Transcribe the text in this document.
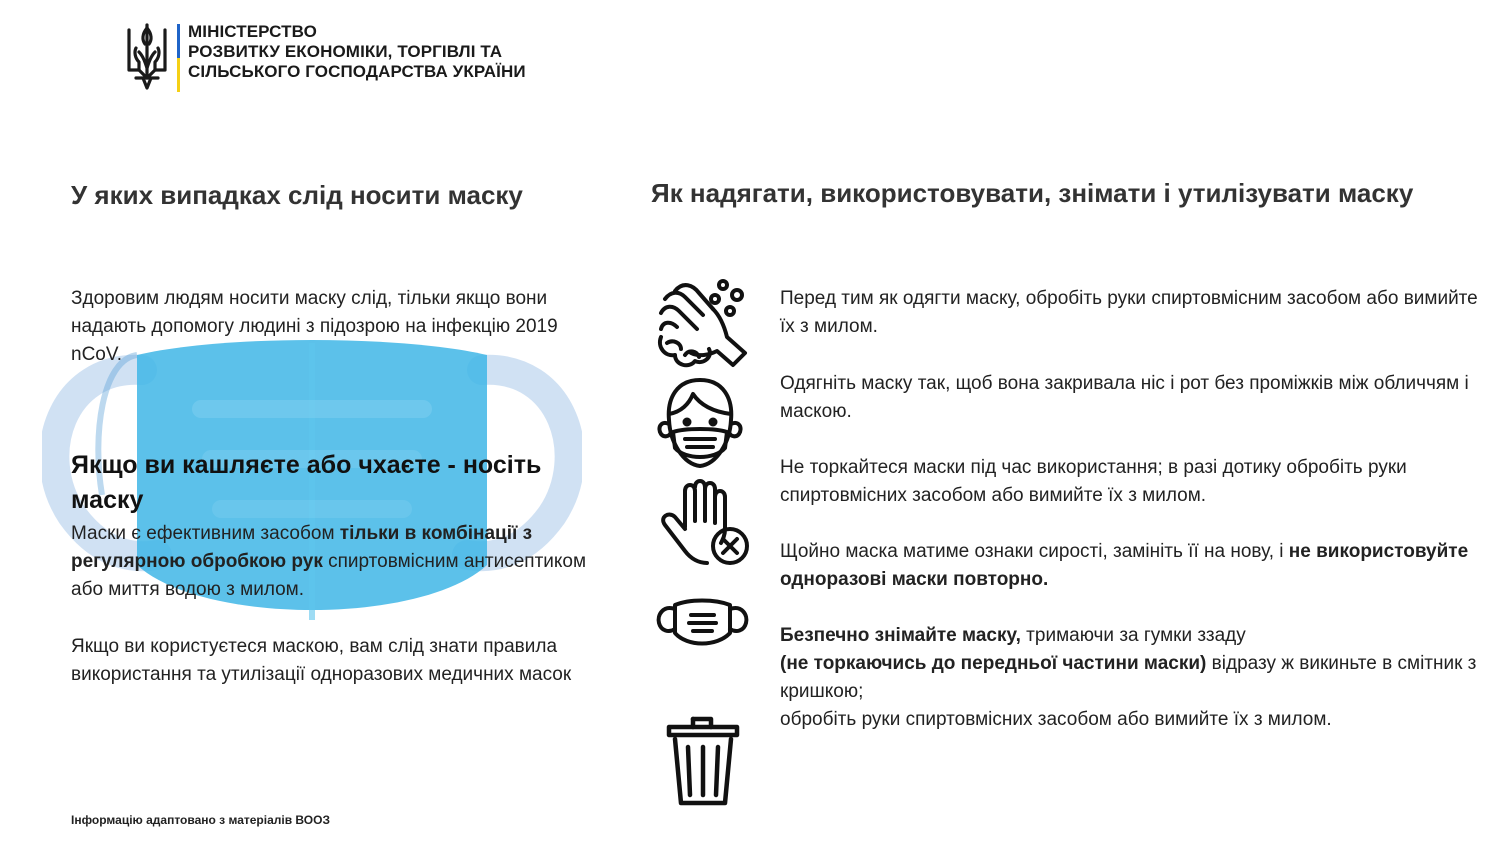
МІНІСТЕРСТВО
РОЗВИТКУ ЕКОНОМІКИ, ТОРГІВЛІ ТА
СІЛЬСЬКОГО ГОСПОДАРСТВА УКРАЇНИ
У яких випадках слід носити маску
Здоровим людям носити маску слід, тільки якщо вони надають допомогу людині з підозрою на інфекцію 2019 nCoV.
Якщо ви кашляєте або чхаєте - носіть маску
Маски є ефективним засобом тільки в комбінації з регулярною обробкою рук спиртовмісним антисептиком або миття водою з милом.
Якщо ви користуєтеся маскою, вам слід знати правила використання та утилізації одноразових медичних масок
Інформацію адаптовано з матеріалів ВООЗ
Як надягати, використовувати, знімати і утилізувати маску
Перед тим як одягти маску, обробіть руки спиртовмісним засобом або вимийте їх з милом.
Одягніть маску так, щоб вона закривала ніс і рот без проміжків між обличчям і маскою.
Не торкайтеся маски під час використання; в разі дотику обробіть руки спиртовмісних засобом або вимийте їх з милом.
Щойно маска матиме ознаки сирості, замініть її на нову, і не використовуйте одноразові маски повторно.
Безпечно знімайте маску, тримаючи за гумки ззаду
(не торкаючись до передньої частини маски) відразу ж викиньте в смітник з кришкою;
обробіть руки спиртовмісних засобом або вимийте їх з милом.
